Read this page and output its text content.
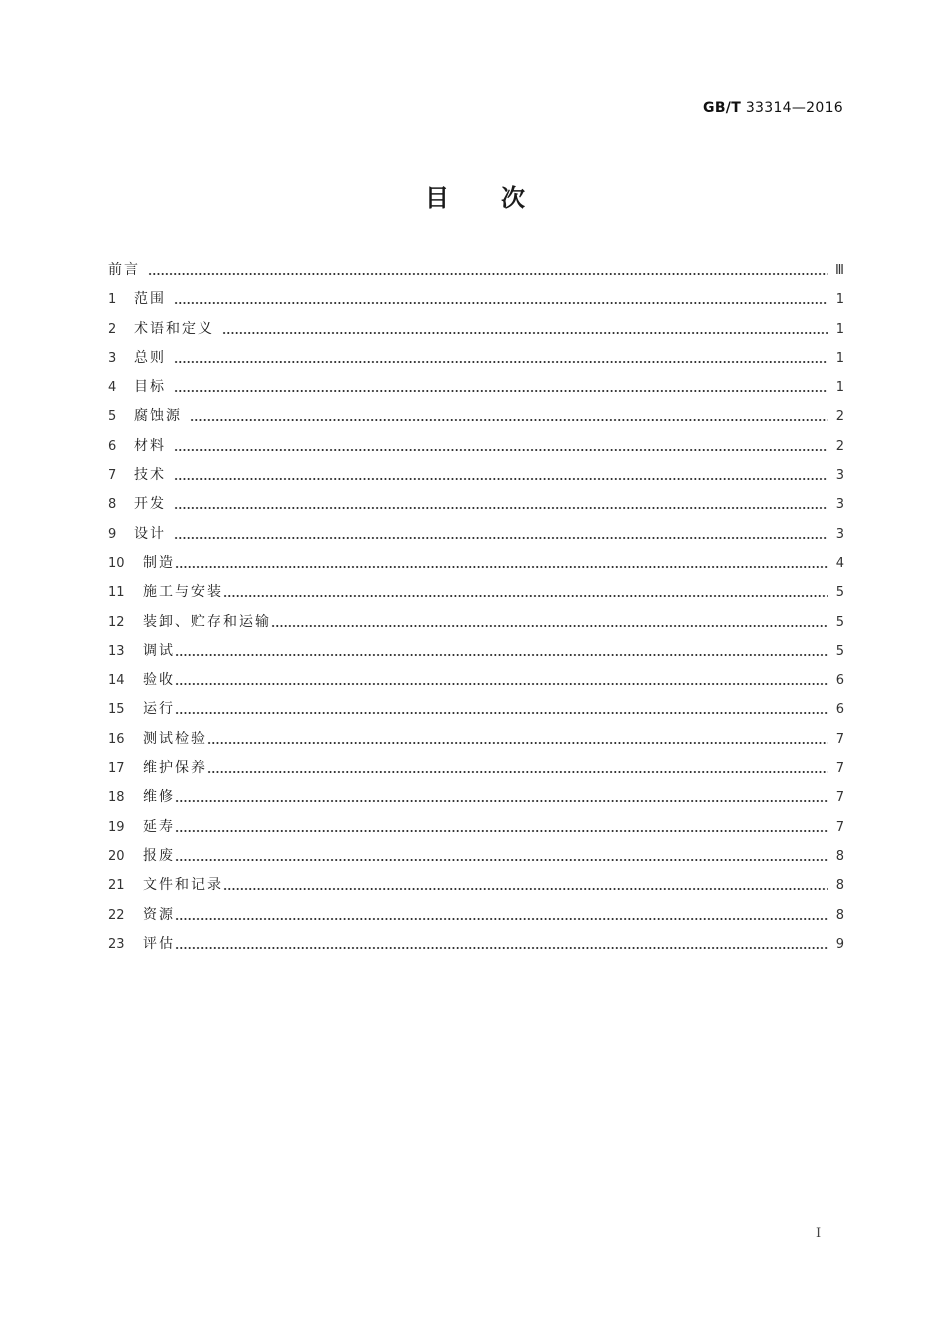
GB/T 33314—2016
目 次
前言	Ⅲ
1	范围	1
2	术语和定义	1
3	总则	1
4	目标	1
5	腐蚀源	2
6	材料	2
7	技术	3
8	开发	3
9	设计	3
10	制造	4
11	施工与安装	5
12	装卸、贮存和运输	5
13	调试	5
14	验收	6
15	运行	6
16	测试检验	7
17	维护保养	7
18	维修	7
19	延寿	7
20	报废	8
21	文件和记录	8
22	资源	8
23	评估	9
I
